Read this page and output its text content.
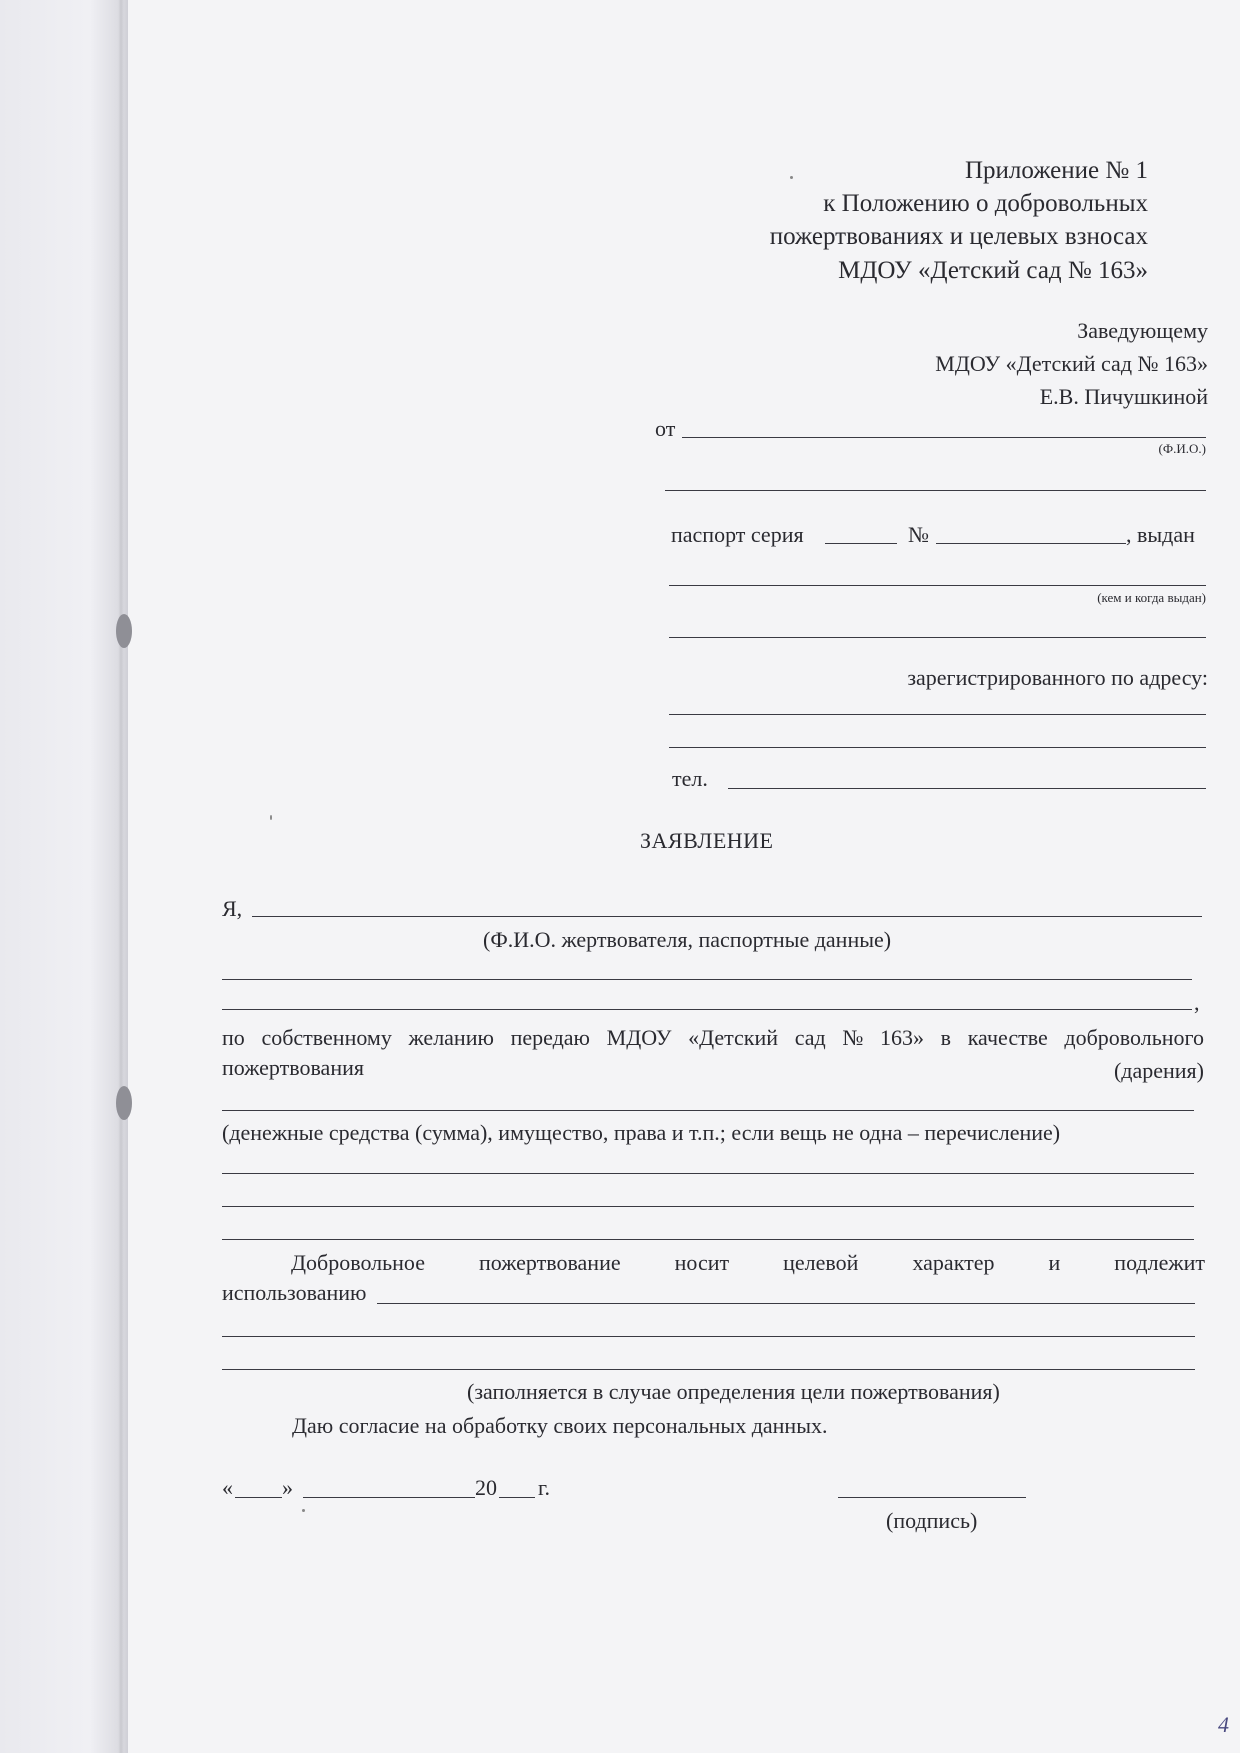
Приложение № 1
к Положению о добровольных
пожертвованиях и целевых взносах
МДОУ «Детский сад № 163»
Заведующему
МДОУ «Детский сад № 163»
Е.В. Пичушкиной
от
(Ф.И.О.)
паспорт серия	№	, выдан
(кем и когда выдан)
зарегистрированного по адресу:
тел.
ЗАЯВЛЕНИЕ
Я,
(Ф.И.О. жертвователя, паспортные данные)
,
по собственному желанию передаю МДОУ «Детский сад № 163» в качестве добровольного
пожертвования	(дарения)
(денежные средства (сумма), имущество, права и т.п.; если вещь не одна – перечисление)
Добровольное пожертвование носит целевой характер и подлежит
использованию
(заполняется в случае определения цели пожертвования)
Даю согласие на обработку своих персональных данных.
« »	20 г.
(подпись)
4
